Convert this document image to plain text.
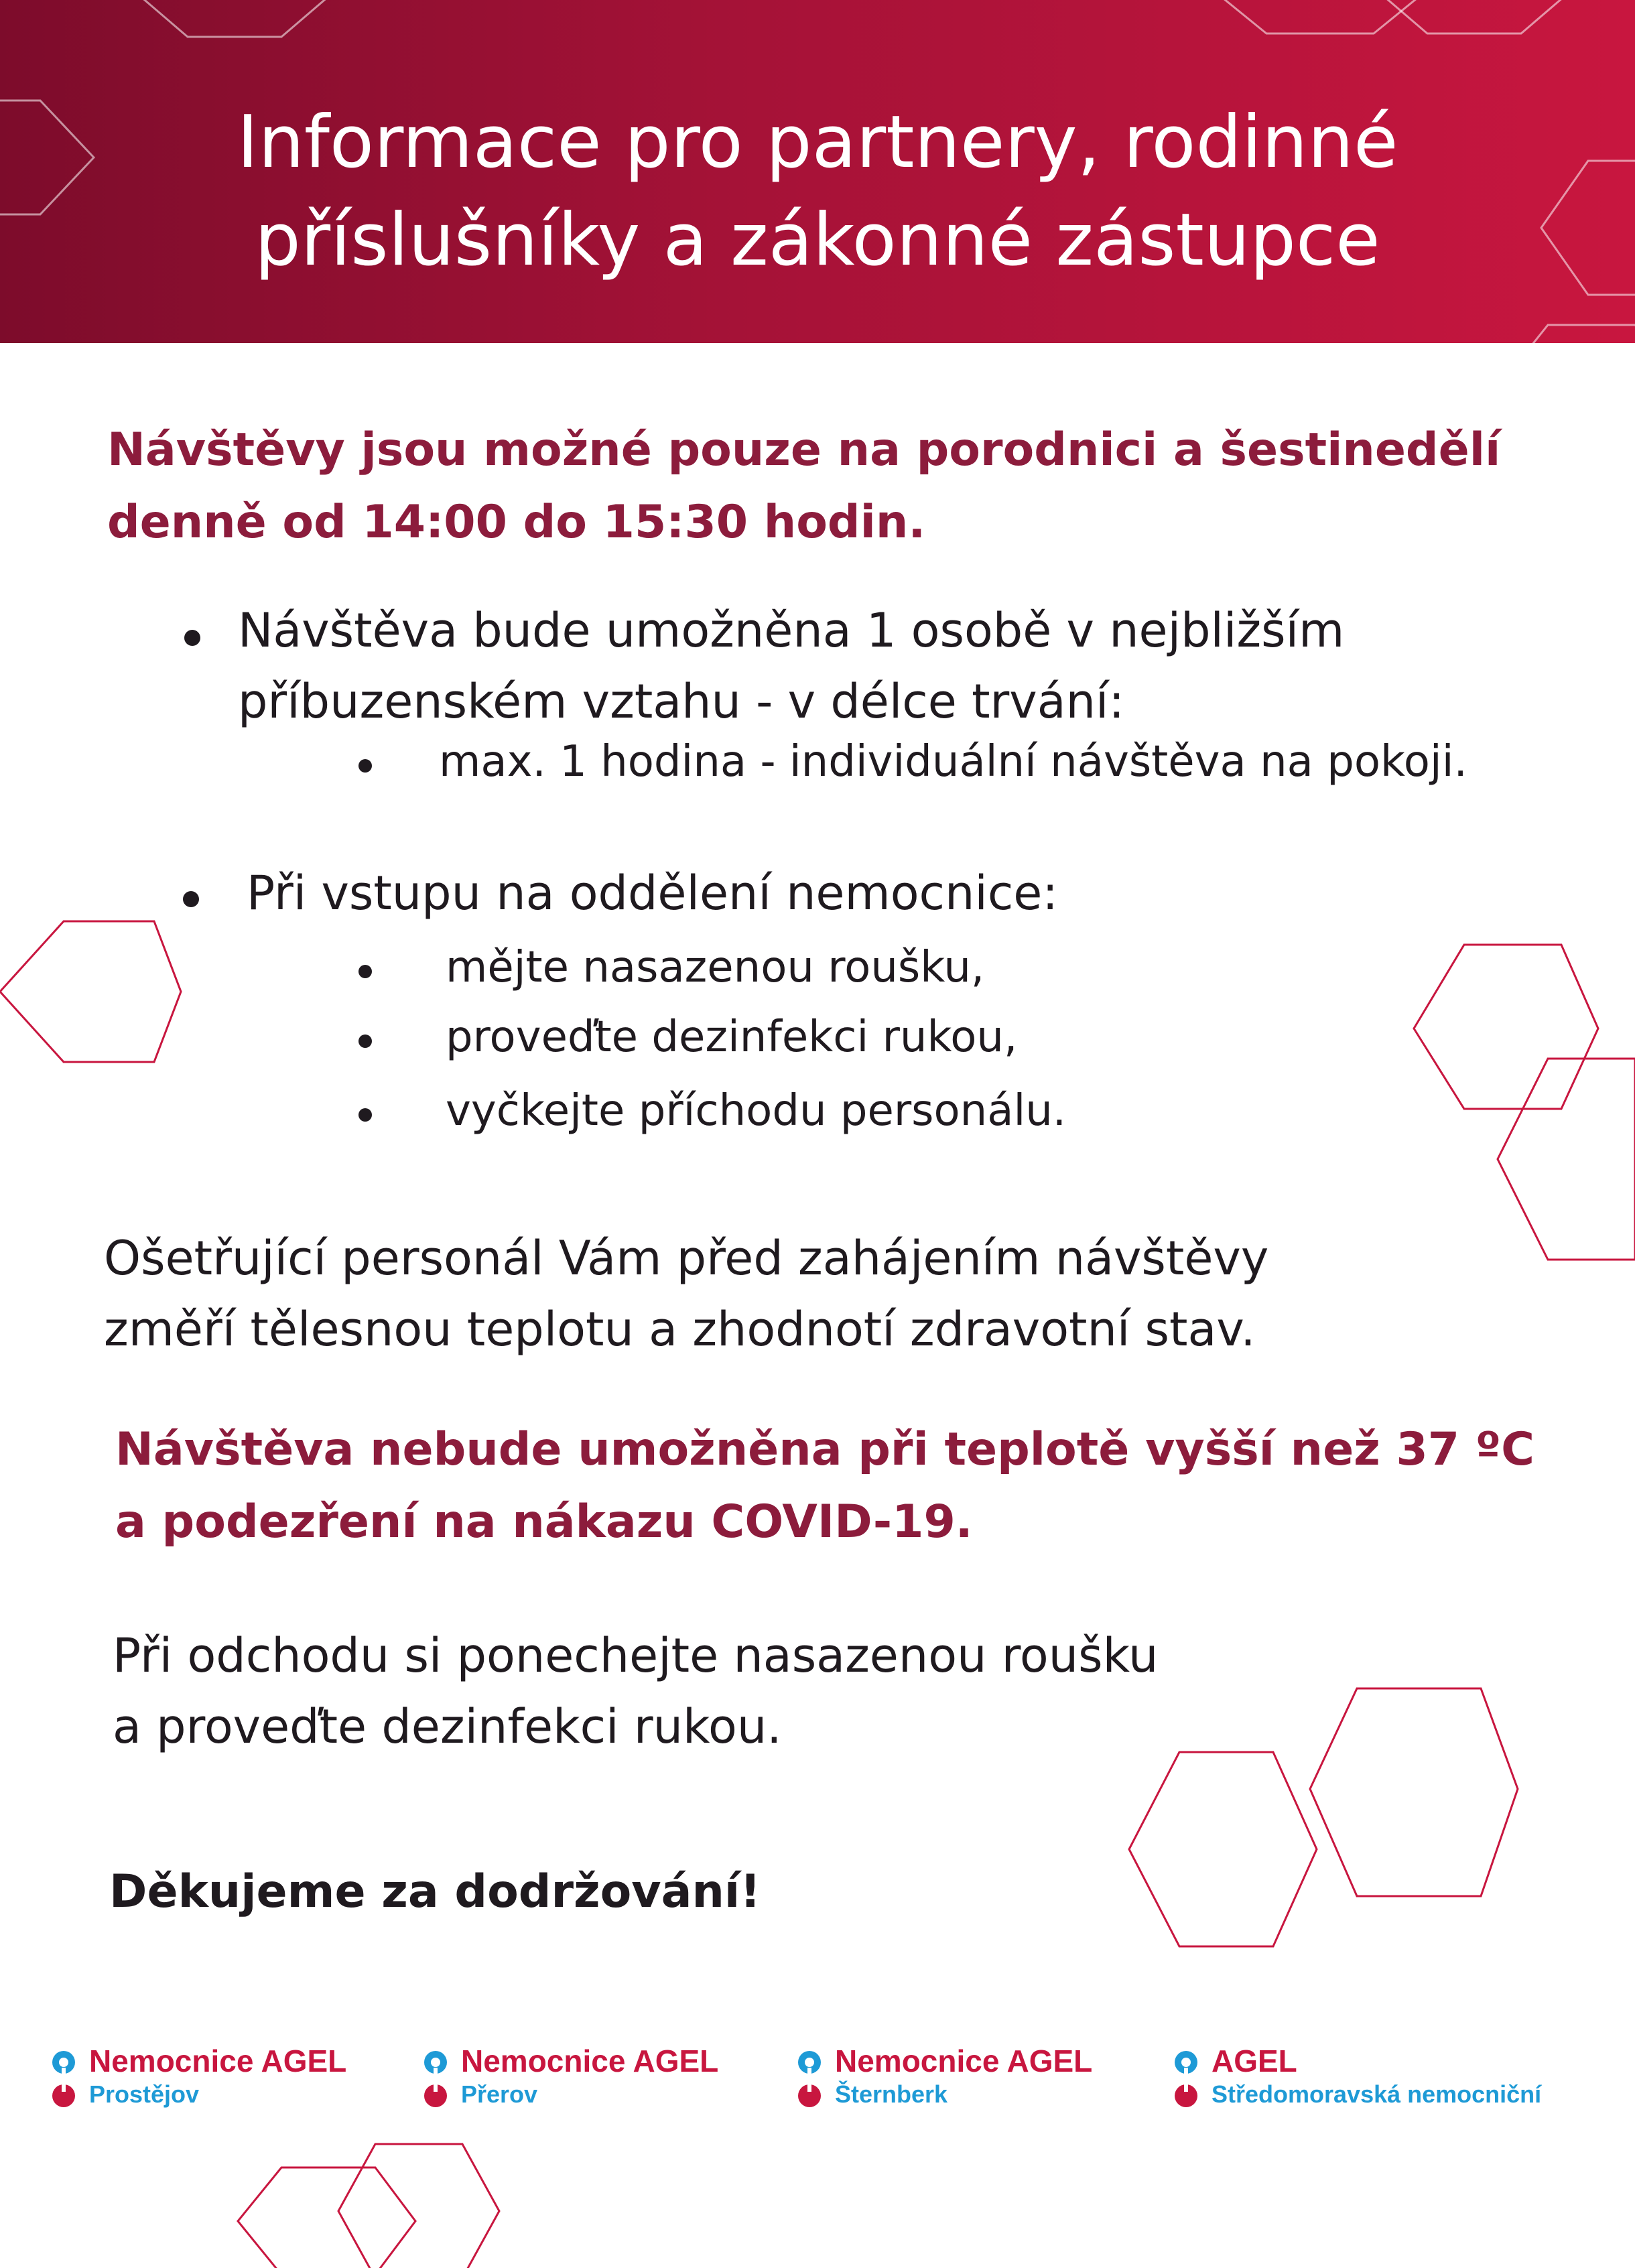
Informace pro partnery, rodinné
příslušníky a zákonné zástupce
Návštěvy jsou možné pouze na porodnici a šestinedělí
denně od 14:00 do 15:30 hodin.
Návštěva bude umožněna 1 osobě v nejbližším
příbuzenském vztahu - v délce trvání:
max. 1 hodina - individuální návštěva na pokoji.
Při vstupu na oddělení nemocnice:
mějte nasazenou roušku,
proveďte dezinfekci rukou,
vyčkejte příchodu personálu.
Ošetřující personál Vám před zahájením návštěvy
změří tělesnou teplotu a zhodnotí zdravotní stav.
Návštěva nebude umožněna při teplotě vyšší než 37 ºC
a podezření na nákazu COVID-19.
Při odchodu si ponechejte nasazenou roušku
a proveďte dezinfekci rukou.
Děkujeme za dodržování!
Nemocnice AGEL
Prostějov
Nemocnice AGEL
Přerov
Nemocnice AGEL
Šternberk
AGEL
Středomoravská nemocniční
